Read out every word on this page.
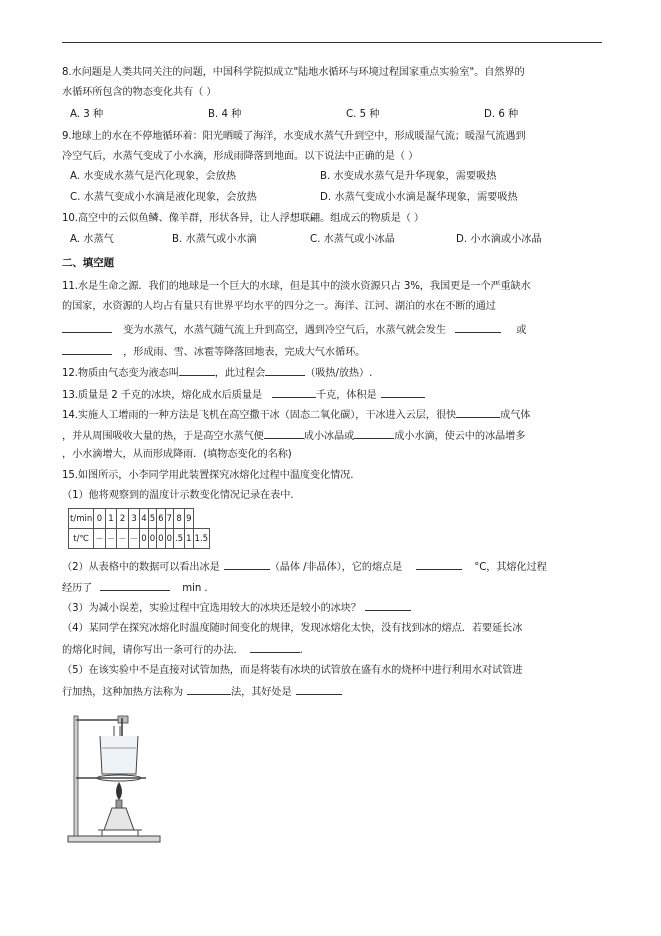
8.水问题是人类共同关注的问题，中国科学院拟成立"陆地水循环与环境过程国家重点实验室"。自然界的
水循环所包含的物态变化共有（ ）
A. 3 种	B. 4 种	C. 5 种	D. 6 种
9.地球上的水在不停地循环着：阳光晒暖了海洋，水变成水蒸气升到空中，形成暖湿气流；暖湿气流遇到
冷空气后，水蒸气变成了小水滴，形成雨降落到地面。以下说法中正确的是（ ）
A. 水变成水蒸气是汽化现象，会放热	B. 水变成水蒸气是升华现象，需要吸热
C. 水蒸气变成小水滴是液化现象，会放热	D. 水蒸气变成小水滴是凝华现象，需要吸热
10.高空中的云似鱼鳞、像羊群，形状各异，让人浮想联翩。组成云的物质是（ ）
A. 水蒸气	B. 水蒸气或小水滴	C. 水蒸气或小冰晶	D. 小水滴或小冰晶
二、填空题
11.水是生命之源．我们的地球是一个巨大的水球，但是其中的淡水资源只占 3%，我国更是一个严重缺水
的国家，水资源的人均占有量只有世界平均水平的四分之一。海洋、江河、湖泊的水在不断的通过
变为水蒸气，水蒸气随气流上升到高空，遇到冷空气后，水蒸气就会发生	或
，形成雨、雪、冰雹等降落回地表，完成大气水循环。
12.物质由气态变为液态叫	，此过程会	（吸热/放热）.
13.质量是 2 千克的冰块，熔化成水后质量是	千克，体积是
14.实施人工增雨的一种方法是飞机在高空撒干冰（固态二氧化碳），干冰进入云层，很快	成气体
，并从周围吸收大量的热，于是高空水蒸气便	成小冰晶或	成小水滴，使云中的冰晶增多
，小水滴增大，从而形成降雨．(填物态变化的名称)
15.如图所示，小李同学用此装置探究冰熔化过程中温度变化情况.
（1）他将观察到的温度计示数变化情况记录在表中.
t/min	0	1	2	3	4	5	6	7	8	9	
t/℃	－	－	－	－	0	0	0	0	.5	1	1.5
（2）从表格中的数据可以看出冰是	（晶体 /非晶体），它的熔点是	°C，其熔化过程
经历了	min .
（3）为减小误差，实验过程中宜选用较大的冰块还是较小的冰块？
（4）某同学在探究冰熔化时温度随时间变化的规律，发现冰熔化太快，没有找到冰的熔点．若要延长冰
的熔化时间，请你写出一条可行的办法．	.
（5）在该实验中不是直接对试管加热，而是将装有冰块的试管放在盛有水的烧杯中进行利用水对试管进
行加热，这种加热方法称为	法，其好处是
